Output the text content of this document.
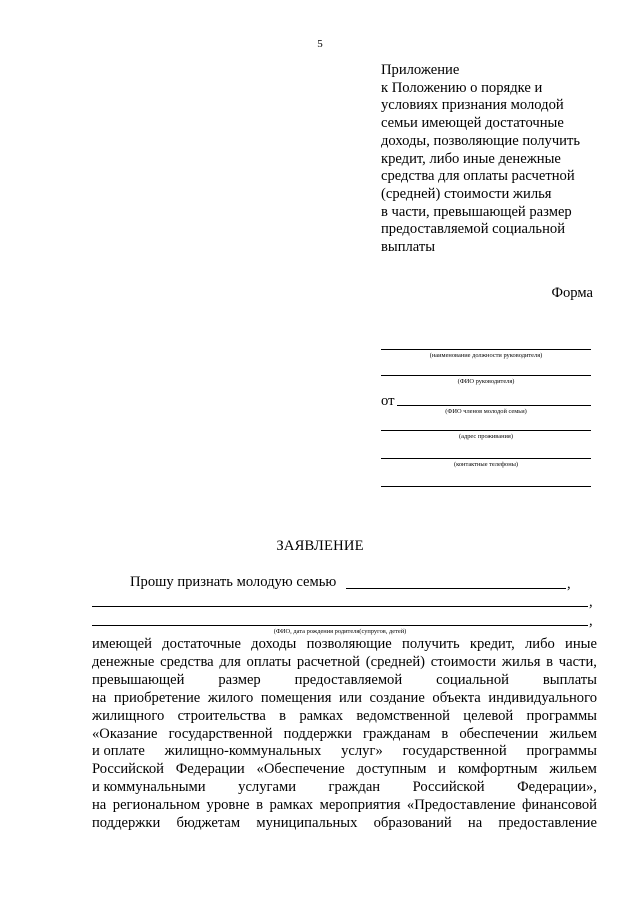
5
Приложение
к Положению о порядке и
условиях признания молодой
семьи имеющей достаточные
доходы, позволяющие получить
кредит, либо иные денежные
средства для оплаты расчетной
(средней) стоимости жилья
в части, превышающей размер
предоставляемой социальной
выплаты
Форма
(наименование должности руководителя)
(ФИО руководителя)
от
(ФИО членов молодой семьи)
(адрес проживания)
(контактные телефоны)
ЗАЯВЛЕНИЕ
Прошу признать молодую семью	,
,
,
(ФИО, дата рождения родителя(супругов, детей)
имеющей достаточные доходы позволяющие получить кредит, либо иные
денежные средства для оплаты расчетной (средней) стоимости жилья в части,
превышающей размер предоставляемой социальной выплаты
на приобретение жилого помещения или создание объекта индивидуального
жилищного строительства в рамках ведомственной целевой программы
«Оказание государственной поддержки гражданам в обеспечении жильем
и оплате жилищно-коммунальных услуг» государственной программы
Российской Федерации «Обеспечение доступным и комфортным жильем
и коммунальными услугами граждан Российской Федерации»,
на региональном уровне в рамках мероприятия «Предоставление финансовой
поддержки бюджетам муниципальных образований на предоставление
